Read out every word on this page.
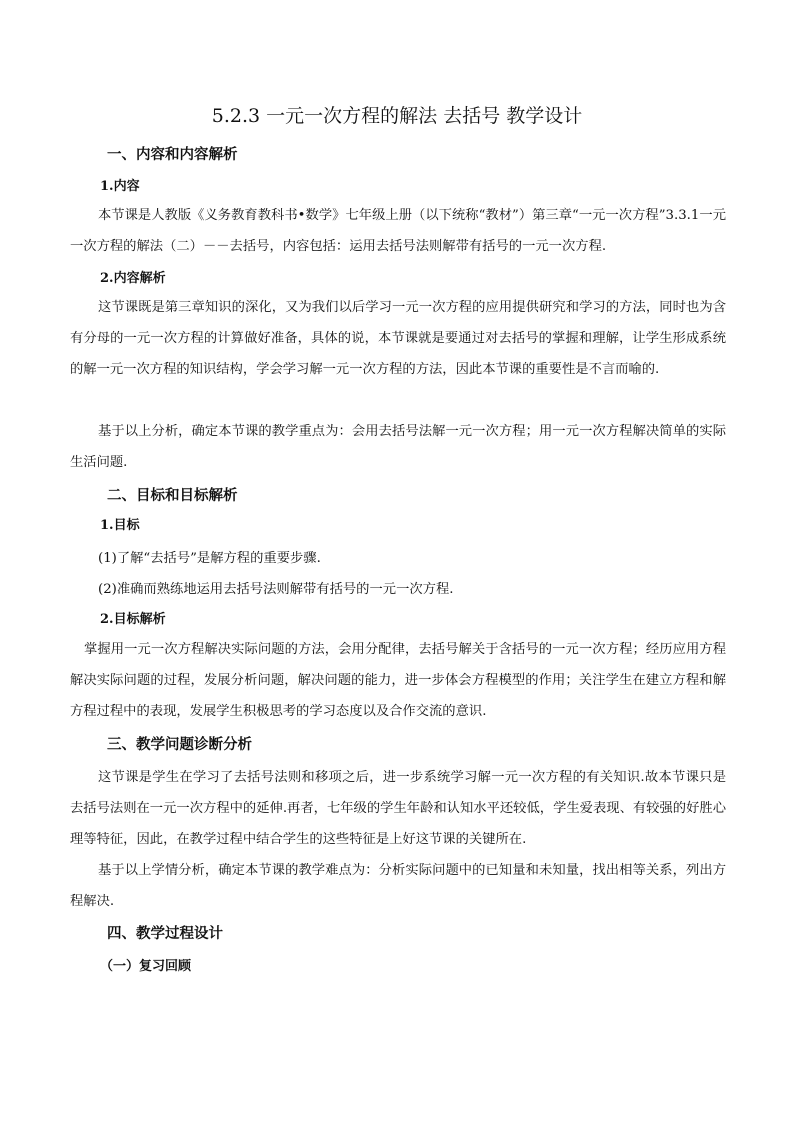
5.2.3 一元一次方程的解法 去括号 教学设计
一、内容和内容解析
1.内容

本节课是人教版《义务教育教科书•数学》七年级上册（以下统称“教材”）第三章“一元一次方程”3.3.1一元一次方程的解法（二）－－去括号，内容包括：运用去括号法则解带有括号的一元一次方程.

2.内容解析

这节课既是第三章知识的深化，又为我们以后学习一元一次方程的应用提供研究和学习的方法，同时也为含有分母的一元一次方程的计算做好准备，具体的说，本节课就是要通过对去括号的掌握和理解，让学生形成系统的解一元一次方程的知识结构，学会学习解一元一次方程的方法，因此本节课的重要性是不言而喻的.

基于以上分析，确定本节课的教学重点为：会用去括号法解一元一次方程；用一元一次方程解决简单的实际生活问题.

二、目标和目标解析
1.目标

(1)了解“去括号”是解方程的重要步骤.

(2)准确而熟练地运用去括号法则解带有括号的一元一次方程.

2.目标解析

掌握用一元一次方程解决实际问题的方法，会用分配律，去括号解关于含括号的一元一次方程；经历应用方程解决实际问题的过程，发展分析问题，解决问题的能力，进一步体会方程模型的作用；关注学生在建立方程和解方程过程中的表现，发展学生积极思考的学习态度以及合作交流的意识.

三、教学问题诊断分析

这节课是学生在学习了去括号法则和移项之后，进一步系统学习解一元一次方程的有关知识.故本节课只是去括号法则在一元一次方程中的延伸.再者，七年级的学生年龄和认知水平还较低，学生爱表现、有较强的好胜心理等特征，因此，在教学过程中结合学生的这些特征是上好这节课的关键所在.

基于以上学情分析，确定本节课的教学难点为：分析实际问题中的已知量和未知量，找出相等关系，列出方程解决.

四、教学过程设计
（一）复习回顾
